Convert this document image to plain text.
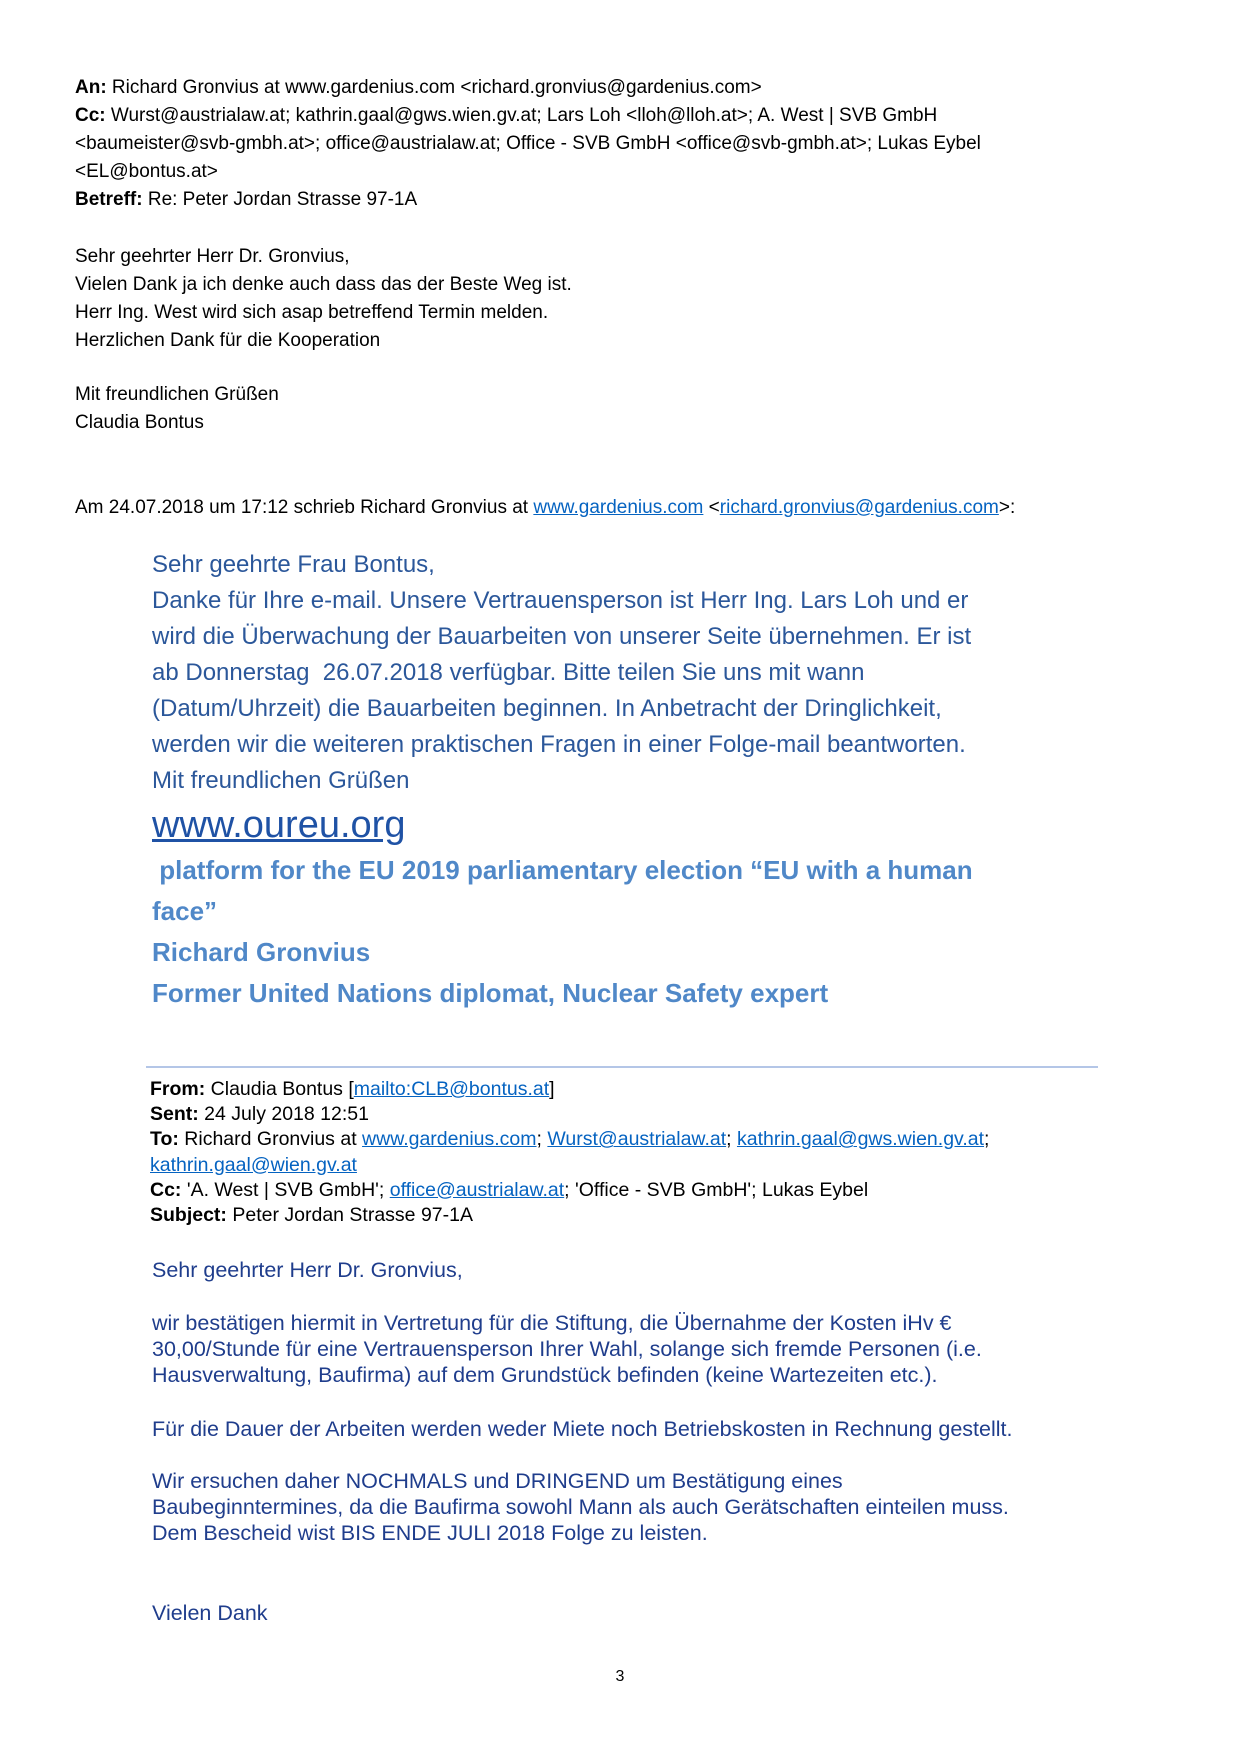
An: Richard Gronvius at www.gardenius.com <richard.gronvius@gardenius.com>
Cc: Wurst@austrialaw.at; kathrin.gaal@gws.wien.gv.at; Lars Loh <lloh@lloh.at>; A. West | SVB GmbH
<baumeister@svb-gmbh.at>; office@austrialaw.at; Office - SVB GmbH <office@svb-gmbh.at>; Lukas Eybel
<EL@bontus.at>
Betreff: Re: Peter Jordan Strasse 97-1A
Sehr geehrter Herr Dr. Gronvius,
Vielen Dank ja ich denke auch dass das der Beste Weg ist.
Herr Ing. West wird sich asap betreffend Termin melden.
Herzlichen Dank für die Kooperation
Mit freundlichen Grüßen
Claudia Bontus
Am 24.07.2018 um 17:12 schrieb Richard Gronvius at www.gardenius.com <richard.gronvius@gardenius.com>:
Sehr geehrte Frau Bontus,
Danke für Ihre e-mail. Unsere Vertrauensperson ist Herr Ing. Lars Loh und er
wird die Überwachung der Bauarbeiten von unserer Seite übernehmen. Er ist
ab Donnerstag  26.07.2018 verfügbar. Bitte teilen Sie uns mit wann
(Datum/Uhrzeit) die Bauarbeiten beginnen. In Anbetracht der Dringlichkeit,
werden wir die weiteren praktischen Fragen in einer Folge-mail beantworten.
Mit freundlichen Grüßen
www.oureu.org
platform for the EU 2019 parliamentary election “EU with a human
face”
Richard Gronvius
Former United Nations diplomat, Nuclear Safety expert
From: Claudia Bontus [mailto:CLB@bontus.at]
Sent: 24 July 2018 12:51
To: Richard Gronvius at www.gardenius.com; Wurst@austrialaw.at; kathrin.gaal@gws.wien.gv.at;
kathrin.gaal@wien.gv.at
Cc: 'A. West | SVB GmbH'; office@austrialaw.at; 'Office - SVB GmbH'; Lukas Eybel
Subject: Peter Jordan Strasse 97-1A
Sehr geehrter Herr Dr. Gronvius,
wir bestätigen hiermit in Vertretung für die Stiftung, die Übernahme der Kosten iHv €
30,00/Stunde für eine Vertrauensperson Ihrer Wahl, solange sich fremde Personen (i.e.
Hausverwaltung, Baufirma) auf dem Grundstück befinden (keine Wartezeiten etc.).
Für die Dauer der Arbeiten werden weder Miete noch Betriebskosten in Rechnung gestellt.
Wir ersuchen daher NOCHMALS und DRINGEND um Bestätigung eines
Baubeginntermines, da die Baufirma sowohl Mann als auch Gerätschaften einteilen muss.
Dem Bescheid wist BIS ENDE JULI 2018 Folge zu leisten.
Vielen Dank
3
